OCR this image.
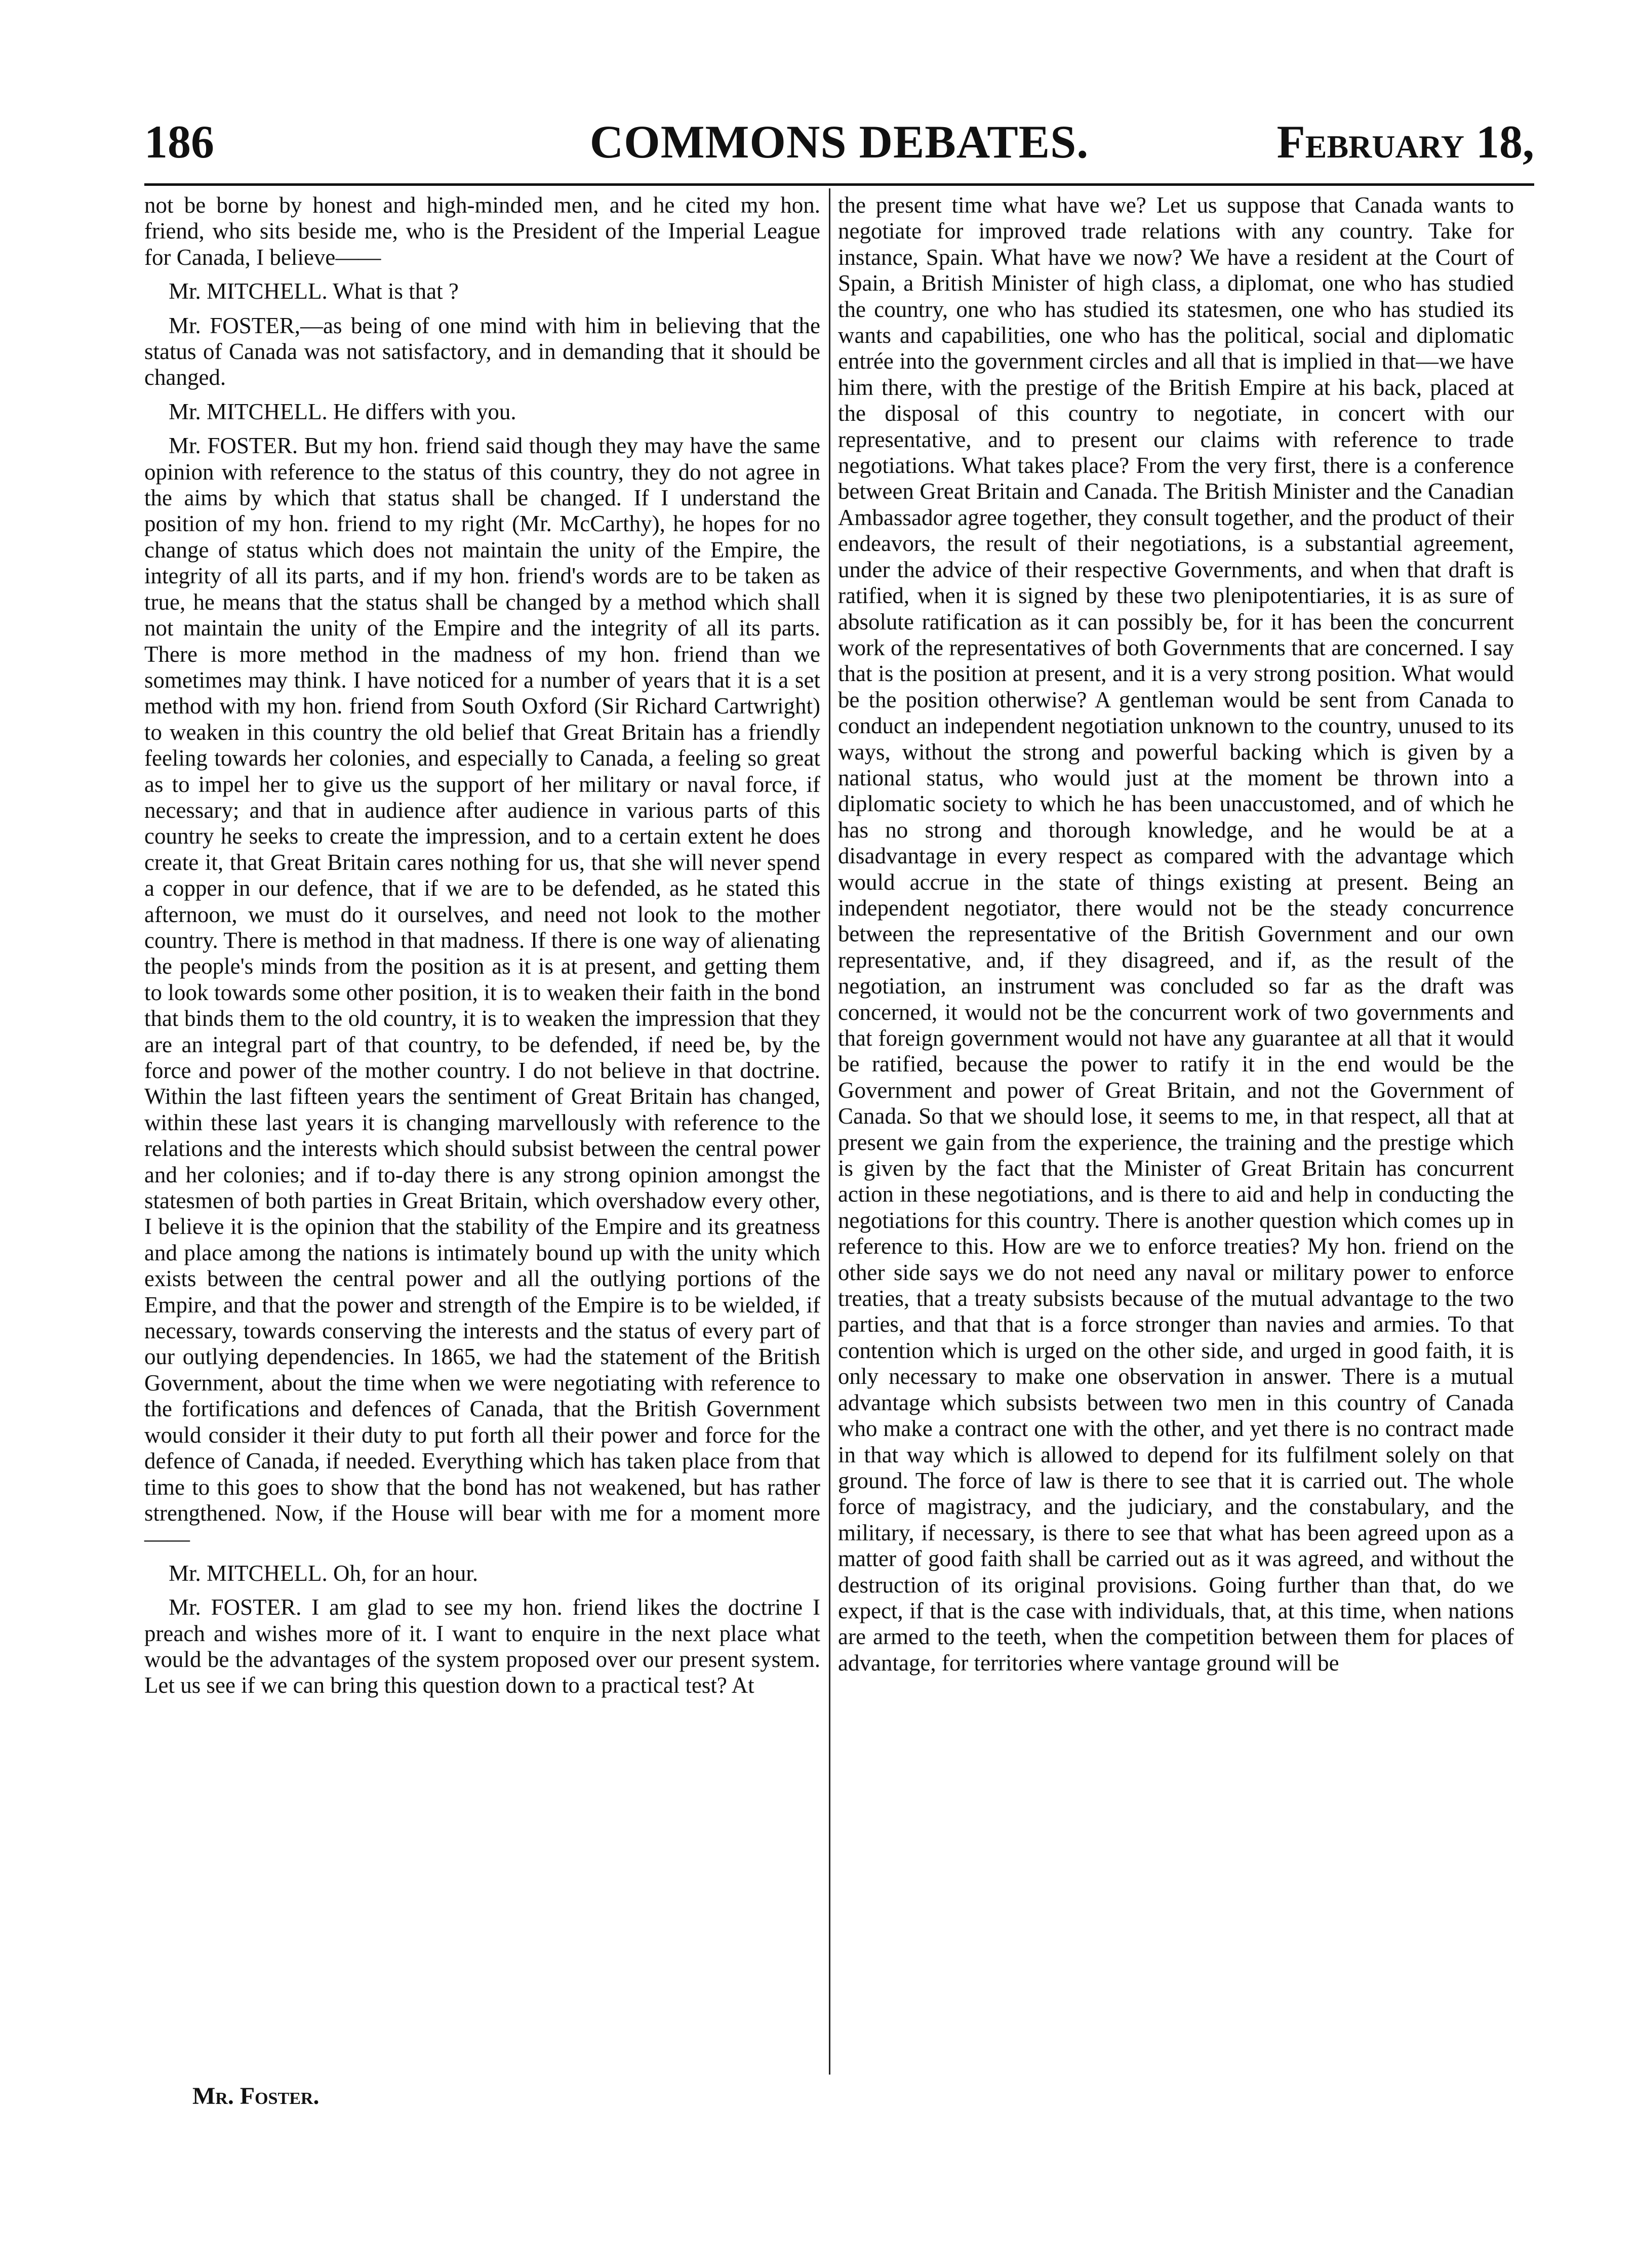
186	COMMONS DEBATES.	February 18,

not be borne by honest and high-minded men, and he cited my hon. friend, who sits beside me, who is the President of the Imperial League for Canada, I believe——

Mr. MITCHELL. What is that ?

Mr. FOSTER,—as being of one mind with him in believing that the status of Canada was not satisfactory, and in demanding that it should be changed.

Mr. MITCHELL. He differs with you.

Mr. FOSTER. But my hon. friend said though they may have the same opinion with reference to the status of this country, they do not agree in the aims by which that status shall be changed. If I understand the position of my hon. friend to my right (Mr. McCarthy), he hopes for no change of status which does not maintain the unity of the Empire, the integrity of all its parts, and if my hon. friend's words are to be taken as true, he means that the status shall be changed by a method which shall not maintain the unity of the Empire and the integrity of all its parts. There is more method in the madness of my hon. friend than we sometimes may think. I have noticed for a number of years that it is a set method with my hon. friend from South Oxford (Sir Richard Cartwright) to weaken in this country the old belief that Great Britain has a friendly feeling towards her colonies, and especially to Canada, a feeling so great as to impel her to give us the support of her military or naval force, if necessary; and that in audience after audience in various parts of this country he seeks to create the impression, and to a certain extent he does create it, that Great Britain cares nothing for us, that she will never spend a copper in our defence, that if we are to be defended, as he stated this afternoon, we must do it ourselves, and need not look to the mother country. There is method in that madness. If there is one way of alienating the people's minds from the position as it is at present, and getting them to look towards some other position, it is to weaken their faith in the bond that binds them to the old country, it is to weaken the impression that they are an integral part of that country, to be defended, if need be, by the force and power of the mother country. I do not believe in that doctrine. Within the last fifteen years the sentiment of Great Britain has changed, within these last years it is changing marvellously with reference to the relations and the interests which should subsist between the central power and her colonies; and if to-day there is any strong opinion amongst the statesmen of both parties in Great Britain, which overshadow every other, I believe it is the opinion that the stability of the Empire and its greatness and place among the nations is intimately bound up with the unity which exists between the central power and all the outlying portions of the Empire, and that the power and strength of the Empire is to be wielded, if necessary, towards conserving the interests and the status of every part of our outlying dependencies. In 1865, we had the statement of the British Government, about the time when we were negotiating with reference to the fortifications and defences of Canada, that the British Government would consider it their duty to put forth all their power and force for the defence of Canada, if needed. Everything which has taken place from that time to this goes to show that the bond has not weakened, but has rather strengthened. Now, if the House will bear with me for a moment more——

Mr. MITCHELL. Oh, for an hour.

Mr. FOSTER. I am glad to see my hon. friend likes the doctrine I preach and wishes more of it. I want to enquire in the next place what would be the advantages of the system proposed over our present system. Let us see if we can bring this question down to a practical test? At

the present time what have we? Let us suppose that Canada wants to negotiate for improved trade relations with any country. Take for instance, Spain. What have we now? We have a resident at the Court of Spain, a British Minister of high class, a diplomat, one who has studied the country, one who has studied its statesmen, one who has studied its wants and capabilities, one who has the political, social and diplomatic entrée into the government circles and all that is implied in that—we have him there, with the prestige of the British Empire at his back, placed at the disposal of this country to negotiate, in concert with our representative, and to present our claims with reference to trade negotiations. What takes place? From the very first, there is a conference between Great Britain and Canada. The British Minister and the Canadian Ambassador agree together, they consult together, and the product of their endeavors, the result of their negotiations, is a substantial agreement, under the advice of their respective Governments, and when that draft is ratified, when it is signed by these two plenipotentiaries, it is as sure of absolute ratification as it can possibly be, for it has been the concurrent work of the representatives of both Governments that are concerned. I say that is the position at present, and it is a very strong position. What would be the position otherwise? A gentleman would be sent from Canada to conduct an independent negotiation unknown to the country, unused to its ways, without the strong and powerful backing which is given by a national status, who would just at the moment be thrown into a diplomatic society to which he has been unaccustomed, and of which he has no strong and thorough knowledge, and he would be at a disadvantage in every respect as compared with the advantage which would accrue in the state of things existing at present. Being an independent negotiator, there would not be the steady concurrence between the representative of the British Government and our own representative, and, if they disagreed, and if, as the result of the negotiation, an instrument was concluded so far as the draft was concerned, it would not be the concurrent work of two governments and that foreign government would not have any guarantee at all that it would be ratified, because the power to ratify it in the end would be the Government and power of Great Britain, and not the Government of Canada. So that we should lose, it seems to me, in that respect, all that at present we gain from the experience, the training and the prestige which is given by the fact that the Minister of Great Britain has concurrent action in these negotiations, and is there to aid and help in conducting the negotiations for this country. There is another question which comes up in reference to this. How are we to enforce treaties? My hon. friend on the other side says we do not need any naval or military power to enforce treaties, that a treaty subsists because of the mutual advantage to the two parties, and that that is a force stronger than navies and armies. To that contention which is urged on the other side, and urged in good faith, it is only necessary to make one observation in answer. There is a mutual advantage which subsists between two men in this country of Canada who make a contract one with the other, and yet there is no contract made in that way which is allowed to depend for its fulfilment solely on that ground. The force of law is there to see that it is carried out. The whole force of magistracy, and the judiciary, and the constabulary, and the military, if necessary, is there to see that what has been agreed upon as a matter of good faith shall be carried out as it was agreed, and without the destruction of its original provisions. Going further than that, do we expect, if that is the case with individuals, that, at this time, when nations are armed to the teeth, when the competition between them for places of advantage, for territories where vantage ground will be

Mr. Foster.
